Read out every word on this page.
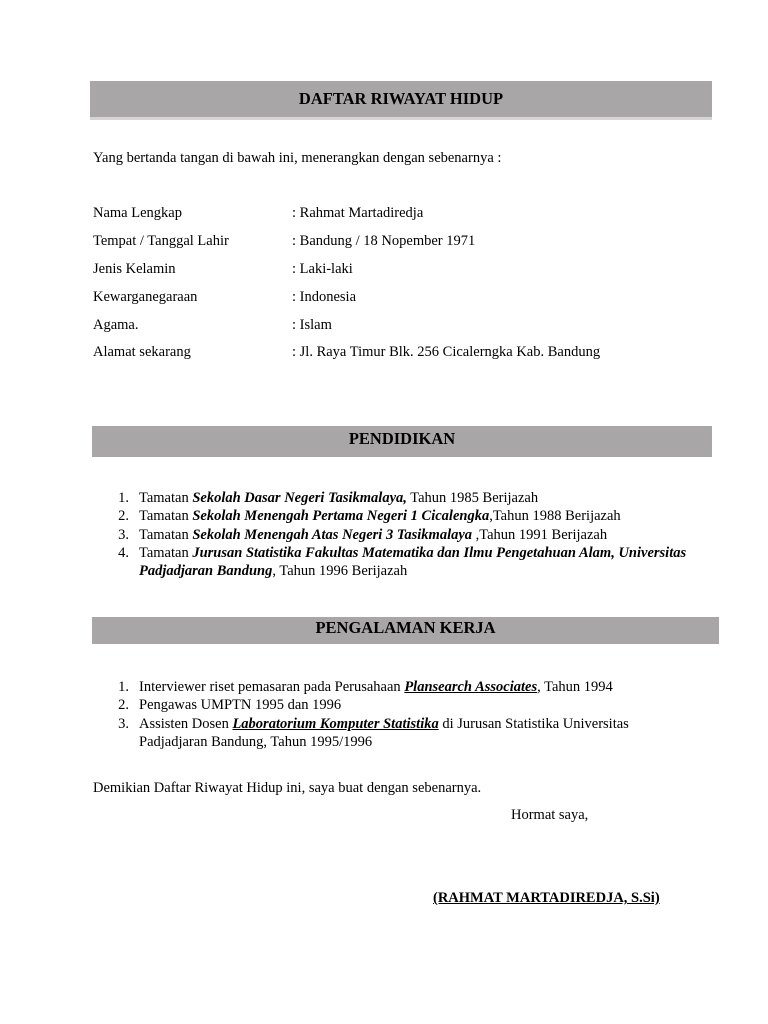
DAFTAR RIWAYAT HIDUP
Yang bertanda tangan di bawah ini, menerangkan dengan sebenarnya :
Nama Lengkap	: Rahmat Martadiredja
Tempat / Tanggal Lahir	: Bandung / 18 Nopember 1971
Jenis Kelamin	: Laki-laki
Kewarganegaraan	: Indonesia
Agama.	: Islam
Alamat sekarang	: Jl. Raya Timur Blk. 256 Cicalerngka Kab. Bandung
PENDIDIKAN
1. Tamatan Sekolah Dasar Negeri Tasikmalaya, Tahun 1985 Berijazah
2. Tamatan Sekolah Menengah Pertama Negeri 1 Cicalengka,Tahun 1988 Berijazah
3. Tamatan Sekolah Menengah Atas Negeri 3 Tasikmalaya ,Tahun 1991 Berijazah
4. Tamatan Jurusan Statistika Fakultas Matematika dan Ilmu Pengetahuan Alam, Universitas Padjadjaran Bandung, Tahun 1996 Berijazah
PENGALAMAN KERJA
1. Interviewer riset pemasaran pada Perusahaan Plansearch Associates, Tahun 1994
2. Pengawas UMPTN 1995 dan 1996
3. Assisten Dosen Laboratorium Komputer Statistika di Jurusan Statistika Universitas Padjadjaran Bandung, Tahun 1995/1996
Demikian Daftar Riwayat Hidup ini, saya buat dengan sebenarnya.
Hormat saya,
(RAHMAT MARTADIREDJA, S.Si)
